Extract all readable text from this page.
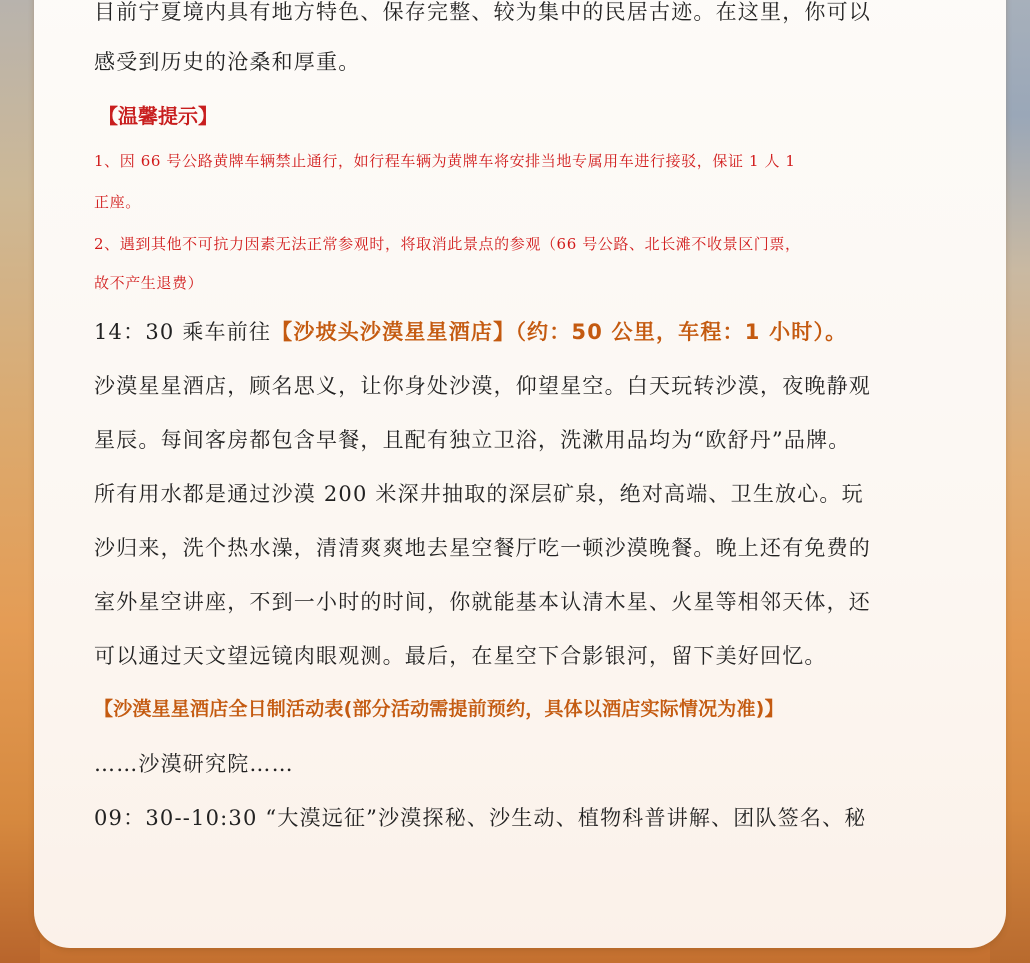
目前宁夏境内具有地方特色、保存完整、较为集中的民居古迹。在这里，你可以

感受到历史的沧桑和厚重。

【温馨提示】

1、因 66 号公路黄牌车辆禁止通行，如行程车辆为黄牌车将安排当地专属用车进行接驳，保证 1 人 1

正座。

2、遇到其他不可抗力因素无法正常参观时，将取消此景点的参观（66 号公路、北长滩不收景区门票，

故不产生退费）

14：30 乘车前往【沙坡头沙漠星星酒店】（约：50 公里，车程：1 小时）。

沙漠星星酒店，顾名思义，让你身处沙漠，仰望星空。白天玩转沙漠，夜晚静观

星辰。每间客房都包含早餐，且配有独立卫浴，洗漱用品均为“欧舒丹”品牌。

所有用水都是通过沙漠 200 米深井抽取的深层矿泉，绝对高端、卫生放心。玩

沙归来，洗个热水澡，清清爽爽地去星空餐厅吃一顿沙漠晚餐。晚上还有免费的

室外星空讲座，不到一小时的时间，你就能基本认清木星、火星等相邻天体，还

可以通过天文望远镜肉眼观测。最后，在星空下合影银河，留下美好回忆。

【沙漠星星酒店全日制活动表(部分活动需提前预约，具体以酒店实际情况为准)】

……沙漠研究院……

09：30--10:30 “大漠远征”沙漠探秘、沙生动、植物科普讲解、团队签名、秘
